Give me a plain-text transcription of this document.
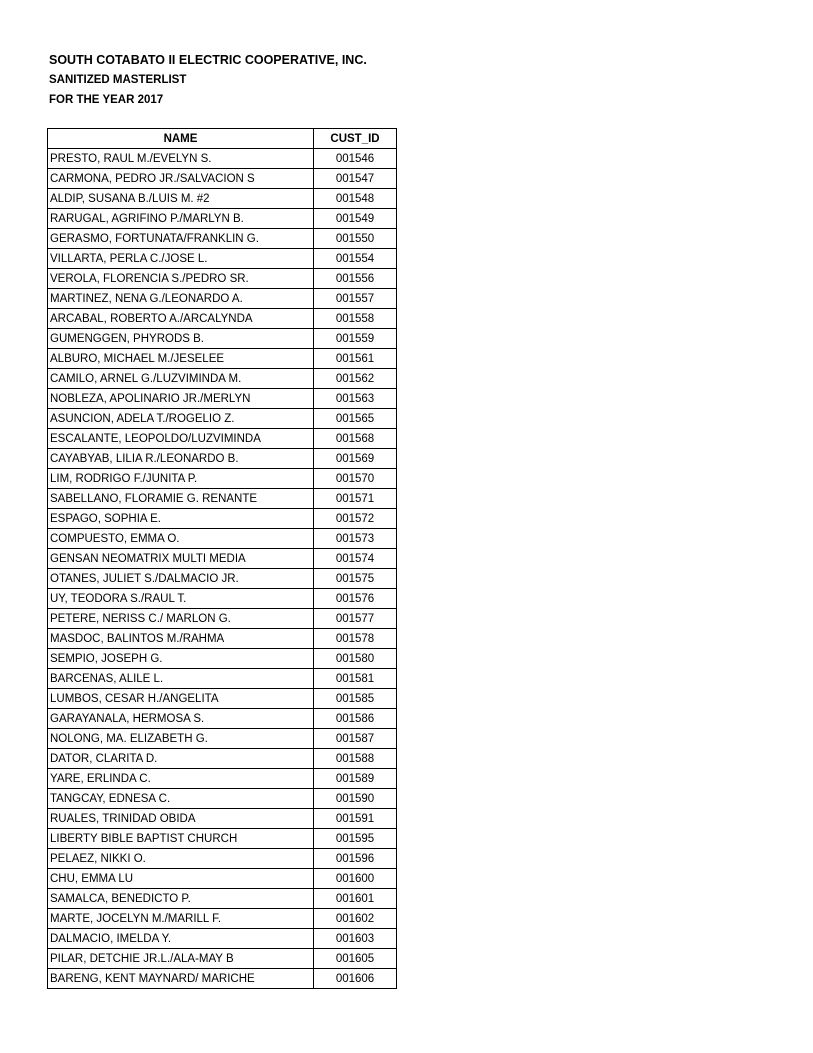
SOUTH COTABATO II ELECTRIC COOPERATIVE, INC.
SANITIZED MASTERLIST
FOR THE YEAR 2017
NAME	CUST_ID
PRESTO, RAUL M./EVELYN S.	001546
CARMONA, PEDRO JR./SALVACION S	001547
ALDIP, SUSANA B./LUIS M. #2	001548
RARUGAL, AGRIFINO P./MARLYN B.	001549
GERASMO, FORTUNATA/FRANKLIN G.	001550
VILLARTA, PERLA C./JOSE L.	001554
VEROLA, FLORENCIA S./PEDRO SR.	001556
MARTINEZ, NENA G./LEONARDO A.	001557
ARCABAL, ROBERTO A./ARCALYNDA	001558
GUMENGGEN, PHYRODS B.	001559
ALBURO, MICHAEL M./JESELEE	001561
CAMILO, ARNEL G./LUZVIMINDA M.	001562
NOBLEZA, APOLINARIO JR./MERLYN	001563
ASUNCION, ADELA T./ROGELIO Z.	001565
ESCALANTE, LEOPOLDO/LUZVIMINDA	001568
CAYABYAB, LILIA R./LEONARDO B.	001569
LIM, RODRIGO F./JUNITA P.	001570
SABELLANO, FLORAMIE G. RENANTE	001571
ESPAGO, SOPHIA E.	001572
COMPUESTO, EMMA O.	001573
GENSAN NEOMATRIX MULTI MEDIA	001574
OTANES, JULIET S./DALMACIO JR.	001575
UY, TEODORA S./RAUL T.	001576
PETERE, NERISS C./ MARLON G.	001577
MASDOC, BALINTOS M./RAHMA	001578
SEMPIO, JOSEPH G.	001580
BARCENAS, ALILE L.	001581
LUMBOS, CESAR H./ANGELITA	001585
GARAYANALA, HERMOSA S.	001586
NOLONG, MA. ELIZABETH G.	001587
DATOR, CLARITA D.	001588
YARE, ERLINDA C.	001589
TANGCAY, EDNESA C.	001590
RUALES, TRINIDAD OBIDA	001591
LIBERTY BIBLE BAPTIST CHURCH	001595
PELAEZ, NIKKI O.	001596
CHU, EMMA LU	001600
SAMALCA, BENEDICTO P.	001601
MARTE, JOCELYN M./MARILL F.	001602
DALMACIO, IMELDA Y.	001603
PILAR, DETCHIE JR.L./ALA-MAY B	001605
BARENG, KENT MAYNARD/ MARICHE	001606
